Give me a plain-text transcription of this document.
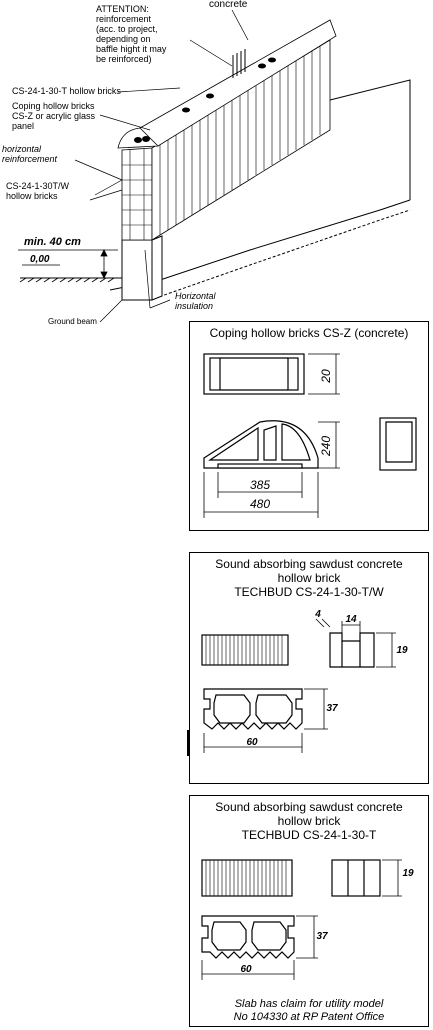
concrete
ATTENTION:
reinforcement
(acc. to project,
depending on
baffle hight it may
be reinforced)
CS-24-1-30-T hollow bricks
Coping hollow bricks
CS-Z or acrylic glass
panel
horizontal
reinforcement
CS-24-1-30T/W
hollow bricks
min. 40 cm
0,00
Horizontal
insulation
Ground beam
Coping hollow bricks CS-Z (concrete)
20
240
385
480
Sound absorbing sawdust concrete
hollow brick
TECHBUD CS-24-1-30-T/W
14
19
4
37
60
Sound absorbing sawdust concrete
hollow brick
TECHBUD CS-24-1-30-T
19
37
60
Slab has claim for utility model
No 104330 at RP Patent Office
